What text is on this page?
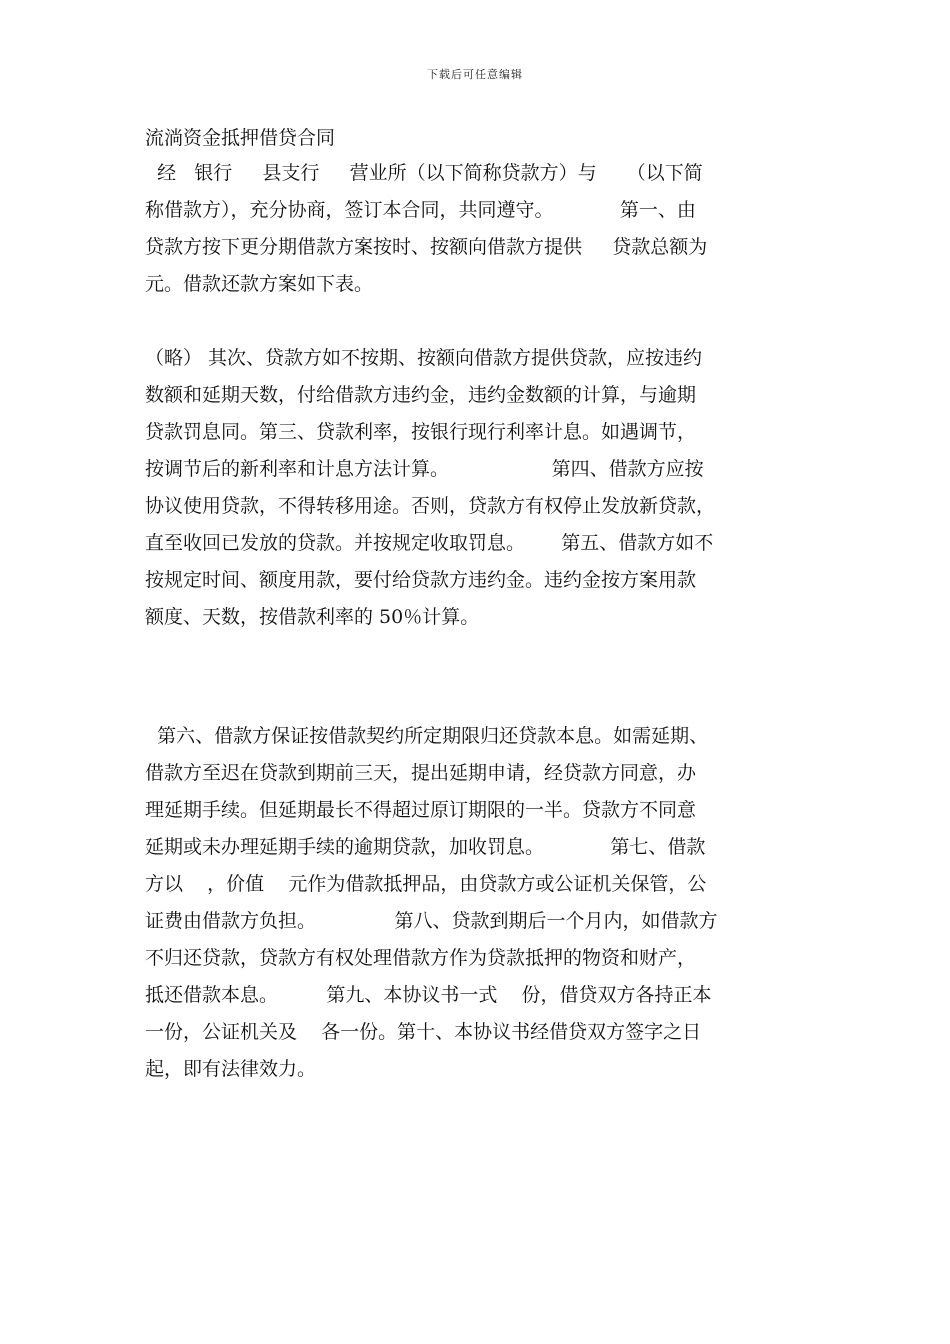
下载后可任意编辑
流淌资金抵押借贷合同
经   银行     县支行     营业所（以下简称贷款方）与     （以下简
称借款方），充分协商，签订本合同，共同遵守。           第一、由
贷款方按下更分期借款方案按时、按额向借款方提供     贷款总额为
元。借款还款方案如下表。
（略） 其次、贷款方如不按期、按额向借款方提供贷款，应按违约
数额和延期天数，付给借款方违约金，违约金数额的计算，与逾期
贷款罚息同。第三、贷款利率，按银行现行利率计息。如遇调节，
按调节后的新利率和计息方法计算。                 第四、借款方应按
协议使用贷款，不得转移用途。否则，贷款方有权停止发放新贷款，
直至收回已发放的贷款。并按规定收取罚息。      第五、借款方如不
按规定时间、额度用款，要付给贷款方违约金。违约金按方案用款
额度、天数，按借款利率的 50％计算。
第六、借款方保证按借款契约所定期限归还贷款本息。如需延期、
借款方至迟在贷款到期前三天，提出延期申请，经贷款方同意，办
理延期手续。但延期最长不得超过原订期限的一半。贷款方不同意
延期或未办理延期手续的逾期贷款，加收罚息。           第七、借款
方以    ，价值    元作为借款抵押品，由贷款方或公证机关保管，公
证费由借款方负担。             第八、贷款到期后一个月内，如借款方
不归还贷款，贷款方有权处理借款方作为贷款抵押的物资和财产，
抵还借款本息。        第九、本协议书一式    份，借贷双方各持正本
一份，公证机关及    各一份。第十、本协议书经借贷双方签字之日
起，即有法律效力。
